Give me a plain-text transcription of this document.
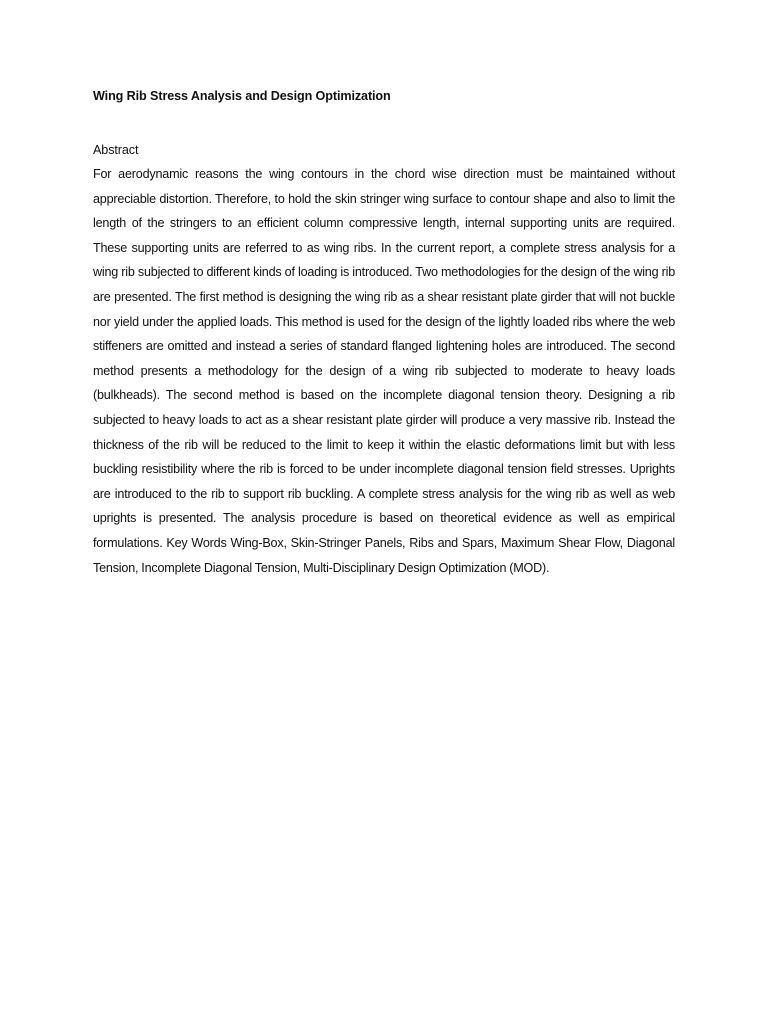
Wing Rib Stress Analysis and Design Optimization
Abstract

For aerodynamic reasons the wing contours in the chord wise direction must be maintained without appreciable distortion. Therefore, to hold the skin stringer wing surface to contour shape and also to limit the length of the stringers to an efficient column compressive length, internal supporting units are required. These supporting units are referred to as wing ribs. In the current report, a complete stress analysis for a wing rib subjected to different kinds of loading is introduced. Two methodologies for the design of the wing rib are presented. The first method is designing the wing rib as a shear resistant plate girder that will not buckle nor yield under the applied loads. This method is used for the design of the lightly loaded ribs where the web stiffeners are omitted and instead a series of standard flanged lightening holes are introduced. The second method presents a methodology for the design of a wing rib subjected to moderate to heavy loads (bulkheads). The second method is based on the incomplete diagonal tension theory. Designing a rib subjected to heavy loads to act as a shear resistant plate girder will produce a very massive rib. Instead the thickness of the rib will be reduced to the limit to keep it within the elastic deformations limit but with less buckling resistibility where the rib is forced to be under incomplete diagonal tension field stresses. Uprights are introduced to the rib to support rib buckling. A complete stress analysis for the wing rib as well as web uprights is presented. The analysis procedure is based on theoretical evidence as well as empirical formulations. Key Words Wing-Box, Skin-Stringer Panels, Ribs and Spars, Maximum Shear Flow, Diagonal Tension, Incomplete Diagonal Tension, Multi-Disciplinary Design Optimization (MOD).
